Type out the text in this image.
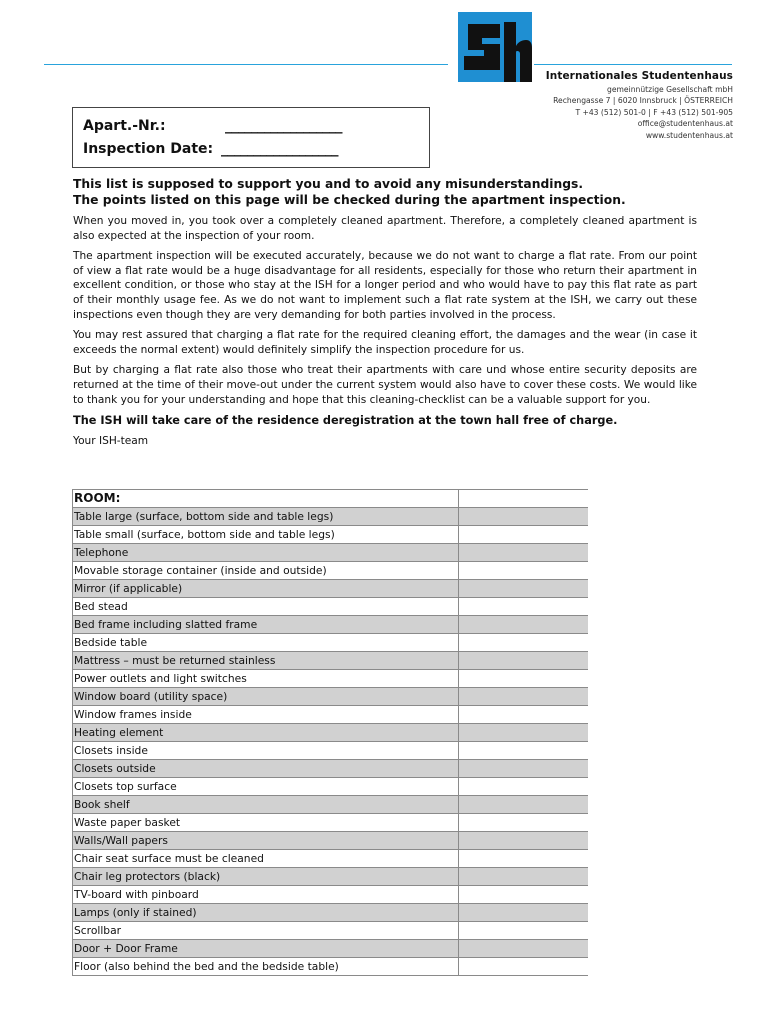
Internationales Studentenhaus
gemeinnützige Gesellschaft mbH
Rechengasse 7 | 6020 Innsbruck | ÖSTERREICH
T +43 (512) 501-0 | F +43 (512) 501-905
office@studentenhaus.at
www.studentenhaus.at
Apart.-Nr.:	__________________
Inspection Date: __________________
This list is supposed to support you and to avoid any misunderstandings.
The points listed on this page will be checked during the apartment inspection.

When you moved in, you took over a completely cleaned apartment. Therefore, a completely cleaned apartment is also expected at the inspection of your room.

The apartment inspection will be executed accurately, because we do not want to charge a flat rate. From our point of view a flat rate would be a huge disadvantage for all residents, especially for those who return their apartment in excellent condition, or those who stay at the ISH for a longer period and who would have to pay this flat rate as part of their monthly usage fee. As we do not want to implement such a flat rate system at the ISH, we carry out these inspections even though they are very demanding for both parties involved in the process.

You may rest assured that charging a flat rate for the required cleaning effort, the damages and the wear (in case it exceeds the normal extent) would definitely simplify the inspection procedure for us.

But by charging a flat rate also those who treat their apartments with care und whose entire security deposits are returned at the time of their move-out under the current system would also have to cover these costs. We would like to thank you for your understanding and hope that this cleaning-checklist can be a valuable support for you.

The ISH will take care of the residence deregistration at the town hall free of charge.

Your ISH-team

ROOM:	
Table large (surface, bottom side and table legs)	
Table small (surface, bottom side and table legs)	
Telephone	
Movable storage container (inside and outside)	
Mirror (if applicable)	
Bed stead	
Bed frame including slatted frame	
Bedside table	
Mattress – must be returned stainless	
Power outlets and light switches	
Window board (utility space)	
Window frames inside	
Heating element	
Closets inside	
Closets outside	
Closets top surface	
Book shelf	
Waste paper basket	
Walls/Wall papers	
Chair seat surface must be cleaned	
Chair leg protectors (black)	
TV-board with pinboard	
Lamps (only if stained)	
Scrollbar	
Door + Door Frame	
Floor (also behind the bed and the bedside table)	
